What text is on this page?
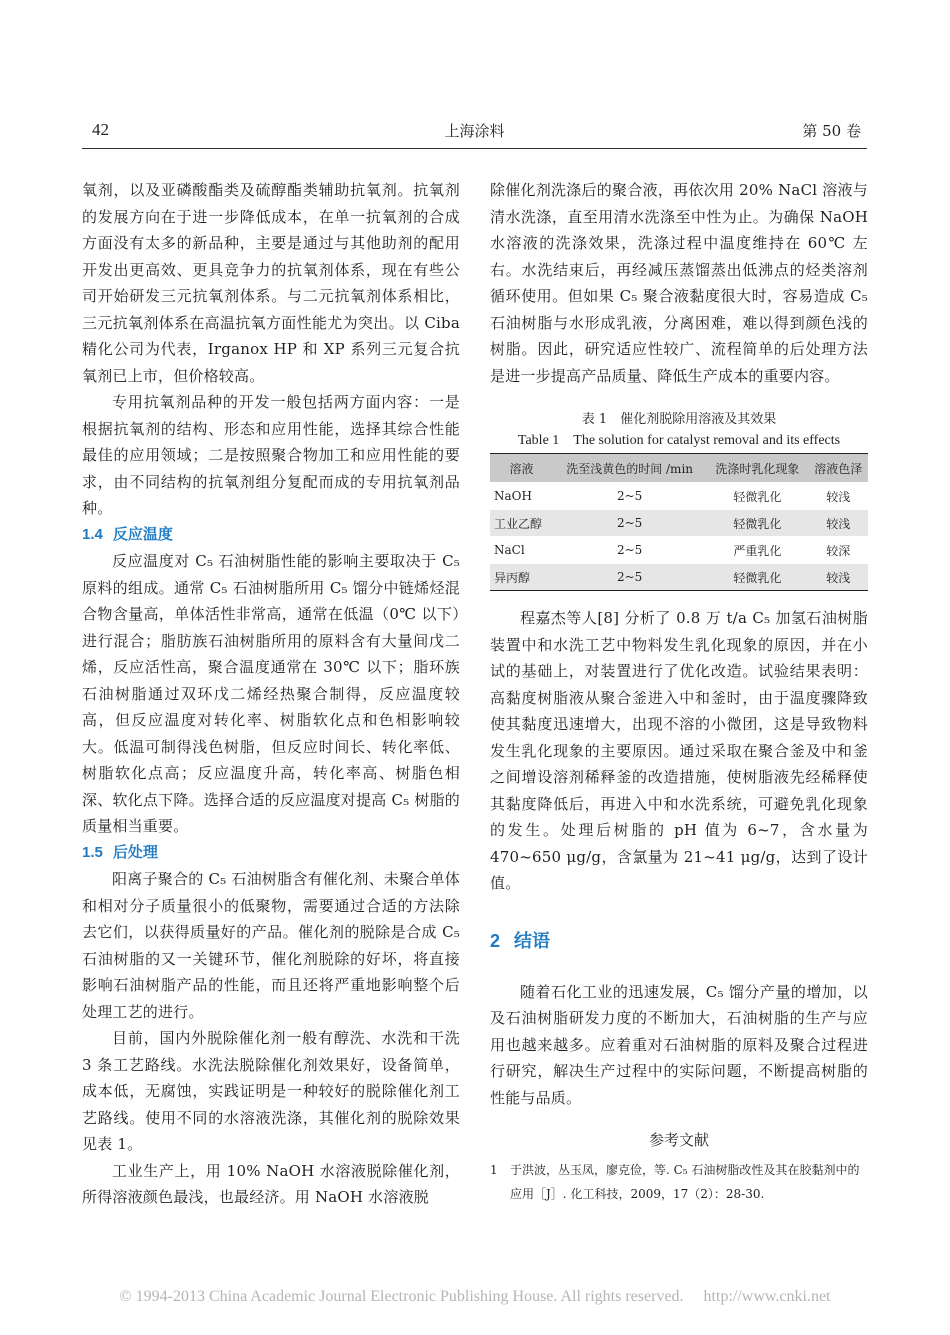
42	上海涂料	第 50 卷

氧剂，以及亚磷酸酯类及硫醇酯类辅助抗氧剂。抗氧剂的发展方向在于进一步降低成本，在单一抗氧剂的合成方面没有太多的新品种，主要是通过与其他助剂的配用开发出更高效、更具竞争力的抗氧剂体系，现在有些公司开始研发三元抗氧剂体系。与二元抗氧剂体系相比，三元抗氧剂体系在高温抗氧方面性能尤为突出。以 Ciba 精化公司为代表，Irganox HP 和 XP 系列三元复合抗氧剂已上市，但价格较高。

专用抗氧剂品种的开发一般包括两方面内容：一是根据抗氧剂的结构、形态和应用性能，选择其综合性能最佳的应用领域；二是按照聚合物加工和应用性能的要求，由不同结构的抗氧剂组分复配而成的专用抗氧剂品种。

1.4 反应温度

反应温度对 C₅ 石油树脂性能的影响主要取决于 C₅ 原料的组成。通常 C₅ 石油树脂所用 C₅ 馏分中链烯烃混合物含量高，单体活性非常高，通常在低温（0℃ 以下）进行混合；脂肪族石油树脂所用的原料含有大量间戊二烯，反应活性高，聚合温度通常在 30℃ 以下；脂环族石油树脂通过双环戊二烯经热聚合制得，反应温度较高，但反应温度对转化率、树脂软化点和色相影响较大。低温可制得浅色树脂，但反应时间长、转化率低、树脂软化点高；反应温度升高，转化率高、树脂色相深、软化点下降。选择合适的反应温度对提高 C₅ 树脂的质量相当重要。

1.5 后处理

阳离子聚合的 C₅ 石油树脂含有催化剂、未聚合单体和相对分子质量很小的低聚物，需要通过合适的方法除去它们，以获得质量好的产品。催化剂的脱除是合成 C₅ 石油树脂的又一关键环节，催化剂脱除的好坏，将直接影响石油树脂产品的性能，而且还将严重地影响整个后处理工艺的进行。

目前，国内外脱除催化剂一般有醇洗、水洗和干洗 3 条工艺路线。水洗法脱除催化剂效果好，设备简单，成本低，无腐蚀，实践证明是一种较好的脱除催化剂工艺路线。使用不同的水溶液洗涤，其催化剂的脱除效果见表 1。

工业生产上，用 10% NaOH 水溶液脱除催化剂，所得溶液颜色最浅，也最经济。用 NaOH 水溶液脱

除催化剂洗涤后的聚合液，再依次用 20% NaCl 溶液与清水洗涤，直至用清水洗涤至中性为止。为确保 NaOH 水溶液的洗涤效果，洗涤过程中温度维持在 60℃ 左右。水洗结束后，再经减压蒸馏蒸出低沸点的烃类溶剂循环使用。但如果 C₅ 聚合液黏度很大时，容易造成 C₅ 石油树脂与水形成乳液，分离困难，难以得到颜色浅的树脂。因此，研究适应性较广、流程简单的后处理方法是进一步提高产品质量、降低生产成本的重要内容。

表 1　催化剂脱除用溶液及其效果
Table 1　The solution for catalyst removal and its effects
溶液	洗至浅黄色的时间 /min	洗涤时乳化现象	溶液色泽
NaOH	2~5	轻微乳化	较浅
工业乙醇	2~5	轻微乳化	较浅
NaCl	2~5	严重乳化	较深
异丙醇	2~5	轻微乳化	较浅

程嘉杰等人[8] 分析了 0.8 万 t/a C₅ 加氢石油树脂装置中和水洗工艺中物料发生乳化现象的原因，并在小试的基础上，对装置进行了优化改造。试验结果表明：高黏度树脂液从聚合釜进入中和釜时，由于温度骤降致使其黏度迅速增大，出现不溶的小微团，这是导致物料发生乳化现象的主要原因。通过采取在聚合釜及中和釜之间增设溶剂稀释釜的改造措施，使树脂液先经稀释使其黏度降低后，再进入中和水洗系统，可避免乳化现象的发生。处理后树脂的 pH 值为 6~7，含水量为 470~650 μg/g，含氯量为 21~41 μg/g，达到了设计值。

2 结语

随着石化工业的迅速发展，C₅ 馏分产量的增加，以及石油树脂研发力度的不断加大，石油树脂的生产与应用也越来越多。应着重对石油树脂的原料及聚合过程进行研究，解决生产过程中的实际问题，不断提高树脂的性能与品质。

参考文献
1	于洪波，丛玉凤，廖克俭，等. C₅ 石油树脂改性及其在胶黏剂中的应用［J］. 化工科技，2009，17（2）：28-30.
© 1994-2013 China Academic Journal Electronic Publishing House. All rights reserved. http://www.cnki.net
